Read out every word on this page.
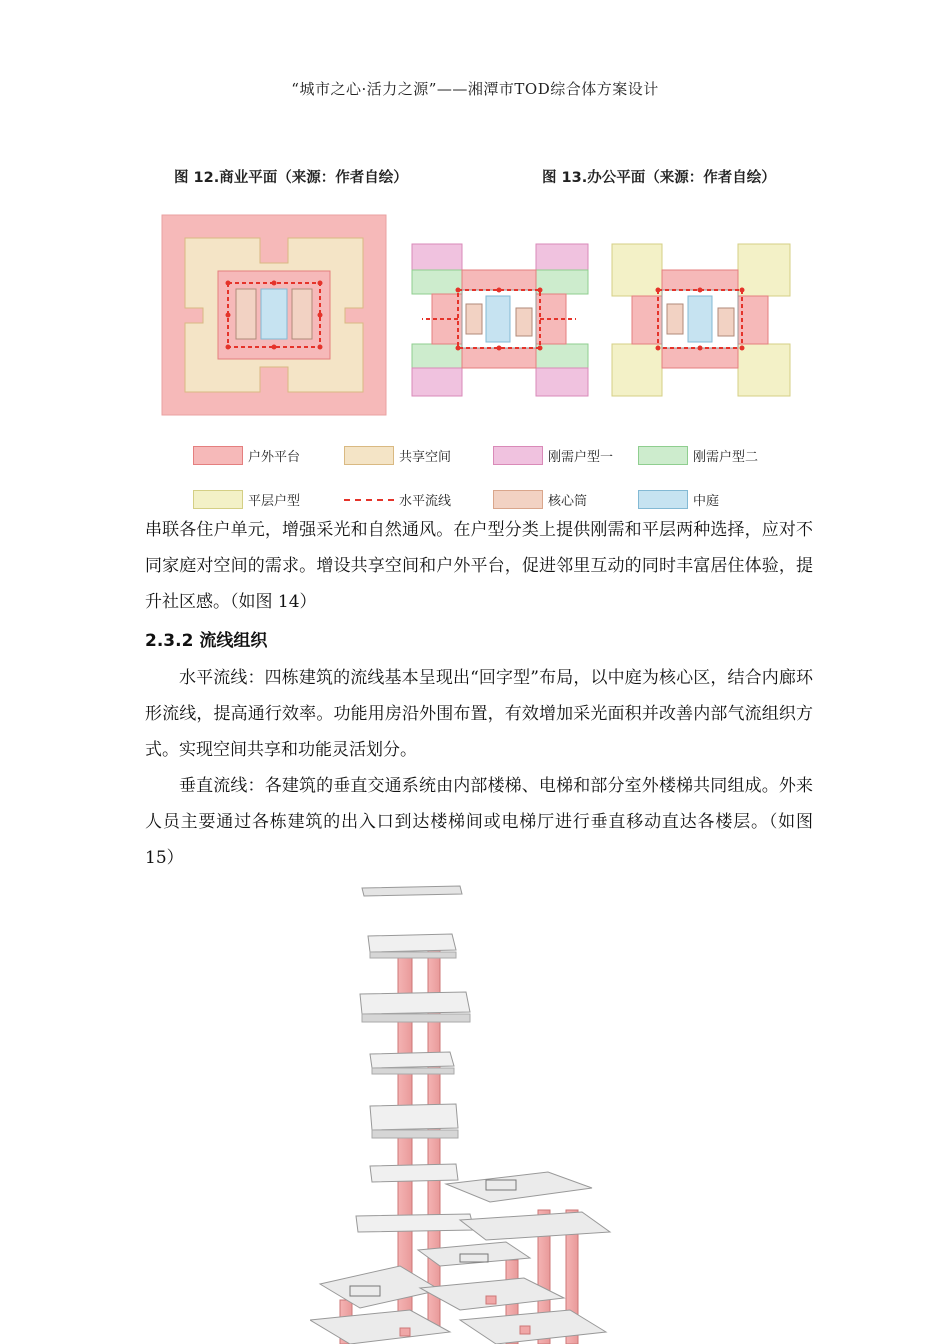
“城市之心·活力之源”——湘潭市TOD综合体方案设计
图 12.商业平面（来源：作者自绘）	图 13.办公平面（来源：作者自绘）
户外平台	共享空间	刚需户型一	刚需户型二
平层户型	水平流线	核心筒	中庭
串联各住户单元，增强采光和自然通风。在户型分类上提供刚需和平层两种选择，应对不同家庭对空间的需求。增设共享空间和户外平台，促进邻里互动的同时丰富居住体验，提升社区感。（如图 14）
2.3.2 流线组织
水平流线：四栋建筑的流线基本呈现出“回字型”布局，以中庭为核心区，结合内廊环形流线，提高通行效率。功能用房沿外围布置，有效增加采光面积并改善内部气流组织方式。实现空间共享和功能灵活划分。
垂直流线：各建筑的垂直交通系统由内部楼梯、电梯和部分室外楼梯共同组成。外来人员主要通过各栋建筑的出入口到达楼梯间或电梯厅进行垂直移动直达各楼层。（如图 15）
